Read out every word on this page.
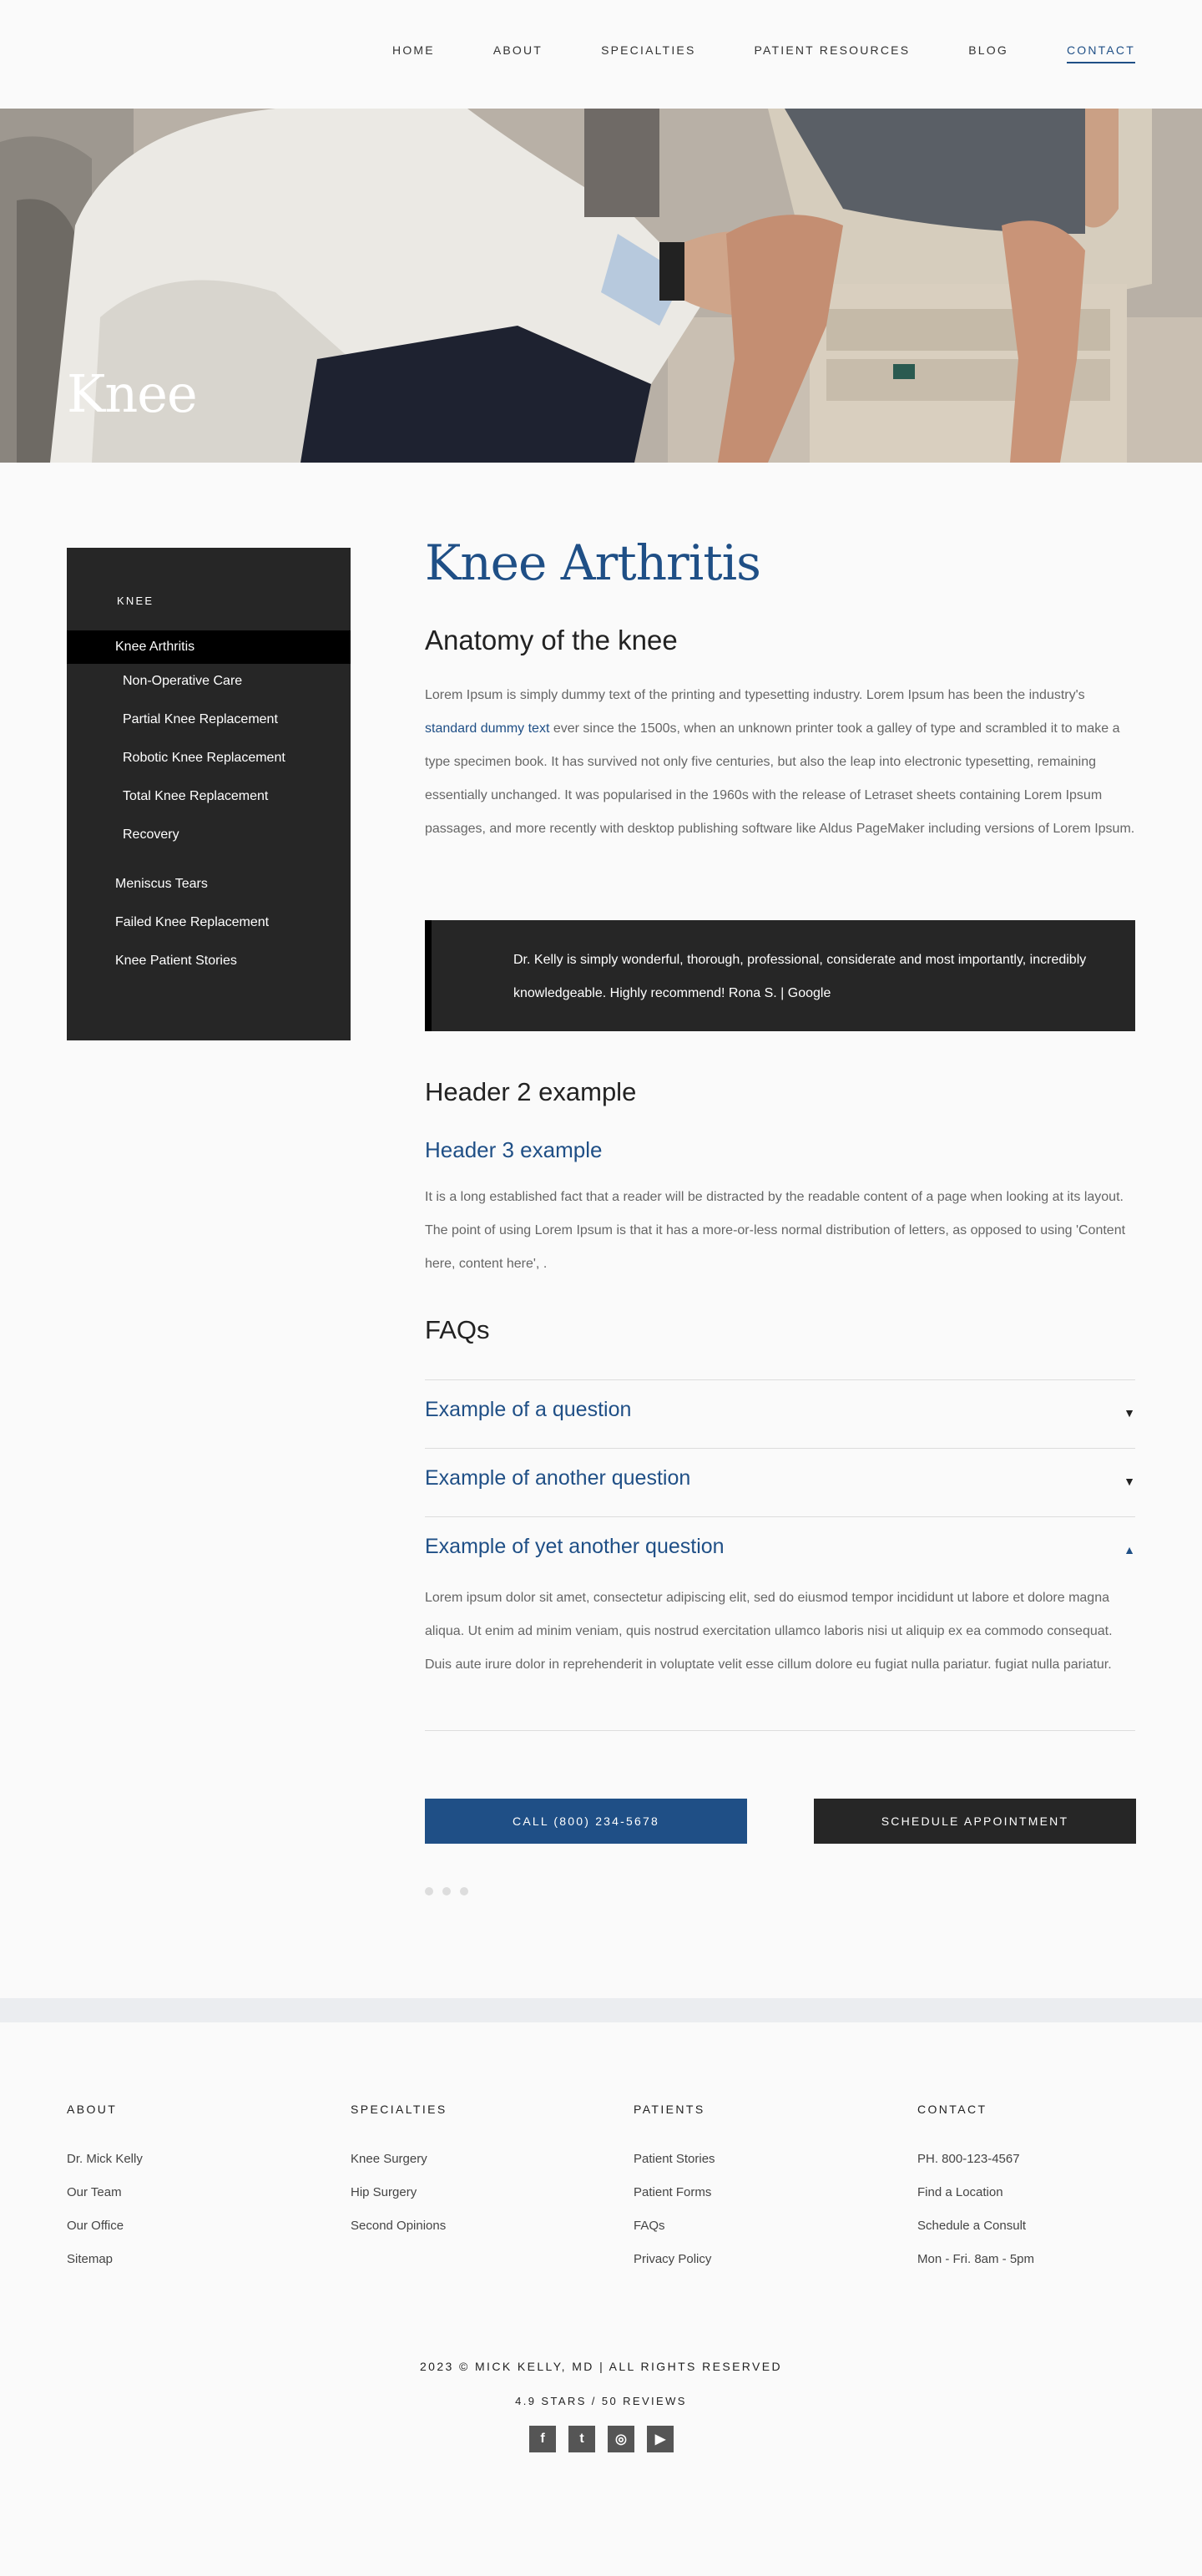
HOME	ABOUT	SPECIALTIES	PATIENT RESOURCES	BLOG	CONTACT
Knee
KNEE
Knee Arthritis
Non-Operative Care
Partial Knee Replacement
Robotic Knee Replacement
Total Knee Replacement
Recovery
Meniscus Tears
Failed Knee Replacement
Knee Patient Stories
Knee Arthritis
Anatomy of the knee

Lorem Ipsum is simply dummy text of the printing and typesetting industry. Lorem Ipsum has been the industry's standard dummy text ever since the 1500s, when an unknown printer took a galley of type and scrambled it to make a type specimen book. It has survived not only five centuries, but also the leap into electronic typesetting, remaining essentially unchanged. It was popularised in the 1960s with the release of Letraset sheets containing Lorem Ipsum passages, and more recently with desktop publishing software like Aldus PageMaker including versions of Lorem Ipsum.

Dr. Kelly is simply wonderful, thorough, professional, considerate and most importantly, incredibly knowledgeable. Highly recommend! Rona S. | Google

Header 2 example
Header 3 example

It is a long established fact that a reader will be distracted by the readable content of a page when looking at its layout. The point of using Lorem Ipsum is that it has a more-or-less normal distribution of letters, as opposed to using 'Content here, content here', .

FAQs
Example of a question	▼
Example of another question	▼
Example of yet another question	▲

Lorem ipsum dolor sit amet, consectetur adipiscing elit, sed do eiusmod tempor incididunt ut labore et dolore magna aliqua. Ut enim ad minim veniam, quis nostrud exercitation ullamco laboris nisi ut aliquip ex ea commodo consequat. Duis aute irure dolor in reprehenderit in voluptate velit esse cillum dolore eu fugiat nulla pariatur. fugiat nulla pariatur.

CALL (800) 234-5678	SCHEDULE APPOINTMENT
ABOUT
Dr. Mick Kelly
Our Team
Our Office
Sitemap
SPECIALTIES
Knee Surgery
Hip Surgery
Second Opinions
PATIENTS
Patient Stories
Patient Forms
FAQs
Privacy Policy
CONTACT
PH. 800-123-4567
Find a Location
Schedule a Consult
Mon - Fri. 8am - 5pm
2023 © MICK KELLY, MD | ALL RIGHTS RESERVED
4.9 STARS / 50 REVIEWS
f	t	◎	▶
